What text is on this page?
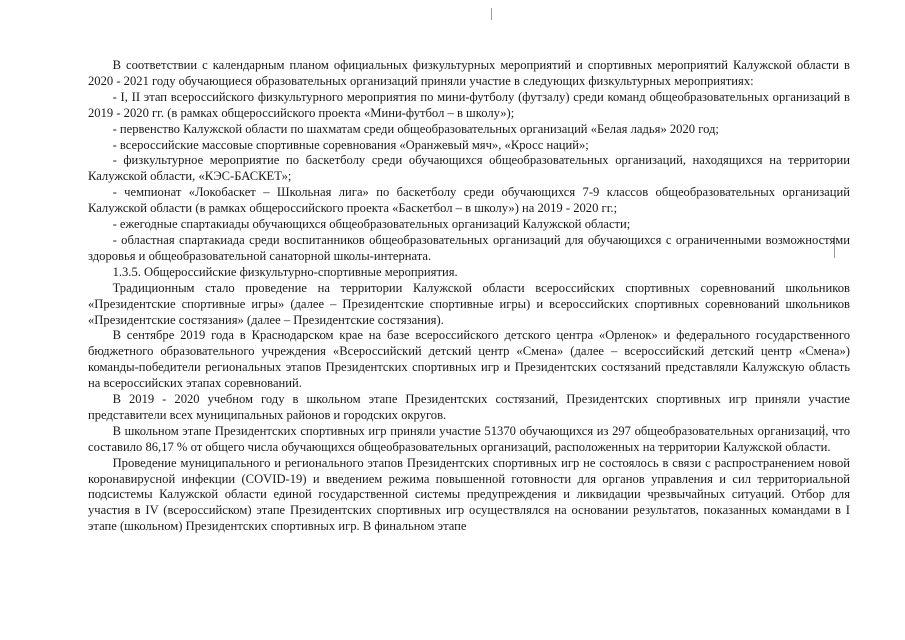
В соответствии с календарным планом официальных физкультурных мероприятий и спортивных мероприятий Калужской области в 2020 - 2021 году обучающиеся образовательных организаций приняли участие в следующих физкультурных мероприятиях:

- I, II этап всероссийского физкультурного мероприятия по мини-футболу (футзалу) среди команд общеобразовательных организаций в 2019 - 2020 гг. (в рамках общероссийского проекта «Мини-футбол – в школу»);

- первенство Калужской области по шахматам среди общеобразовательных организаций «Белая ладья» 2020 год;

- всероссийские массовые спортивные соревнования «Оранжевый мяч», «Кросс наций»;

- физкультурное мероприятие по баскетболу среди обучающихся общеобразовательных организаций, находящихся на территории Калужской области, «КЭС-БАСКЕТ»;

- чемпионат «Локобаскет – Школьная лига» по баскетболу среди обучающихся 7-9 классов общеобразовательных организаций Калужской области (в рамках общероссийского проекта «Баскетбол – в школу») на 2019 - 2020 гг.;

- ежегодные спартакиады обучающихся общеобразовательных организаций Калужской области;

- областная спартакиада среди воспитанников общеобразовательных организаций для обучающихся с ограниченными возможностями здоровья и общеобразовательной санаторной школы-интерната.

1.3.5. Общероссийские физкультурно-спортивные мероприятия.

Традиционным стало проведение на территории Калужской области всероссийских спортивных соревнований школьников «Президентские спортивные игры» (далее – Президентские спортивные игры) и всероссийских спортивных соревнований школьников «Президентские состязания» (далее – Президентские состязания).

В сентябре 2019 года в Краснодарском крае на базе всероссийского детского центра «Орленок» и федерального государственного бюджетного образовательного учреждения «Всероссийский детский центр «Смена» (далее – всероссийский детский центр «Смена») команды-победители региональных этапов Президентских спортивных игр и Президентских состязаний представляли Калужскую область на всероссийских этапах соревнований.

В 2019 - 2020 учебном году в школьном этапе Президентских состязаний, Президентских спортивных игр приняли участие представители всех муниципальных районов и городских округов.

В школьном этапе Президентских спортивных игр приняли участие 51370 обучающихся из 297 общеобразовательных организаций, что составило 86,17 % от общего числа обучающихся общеобразовательных организаций, расположенных на территории Калужской области.

Проведение муниципального и регионального этапов Президентских спортивных игр не состоялось в связи с распространением новой коронавирусной инфекции (COVID-19) и введением режима повышенной готовности для органов управления и сил территориальной подсистемы Калужской области единой государственной системы предупреждения и ликвидации чрезвычайных ситуаций. Отбор для участия в IV (всероссийском) этапе Президентских спортивных игр осуществлялся на основании результатов, показанных командами в I этапе (школьном) Президентских спортивных игр. В финальном этапе
